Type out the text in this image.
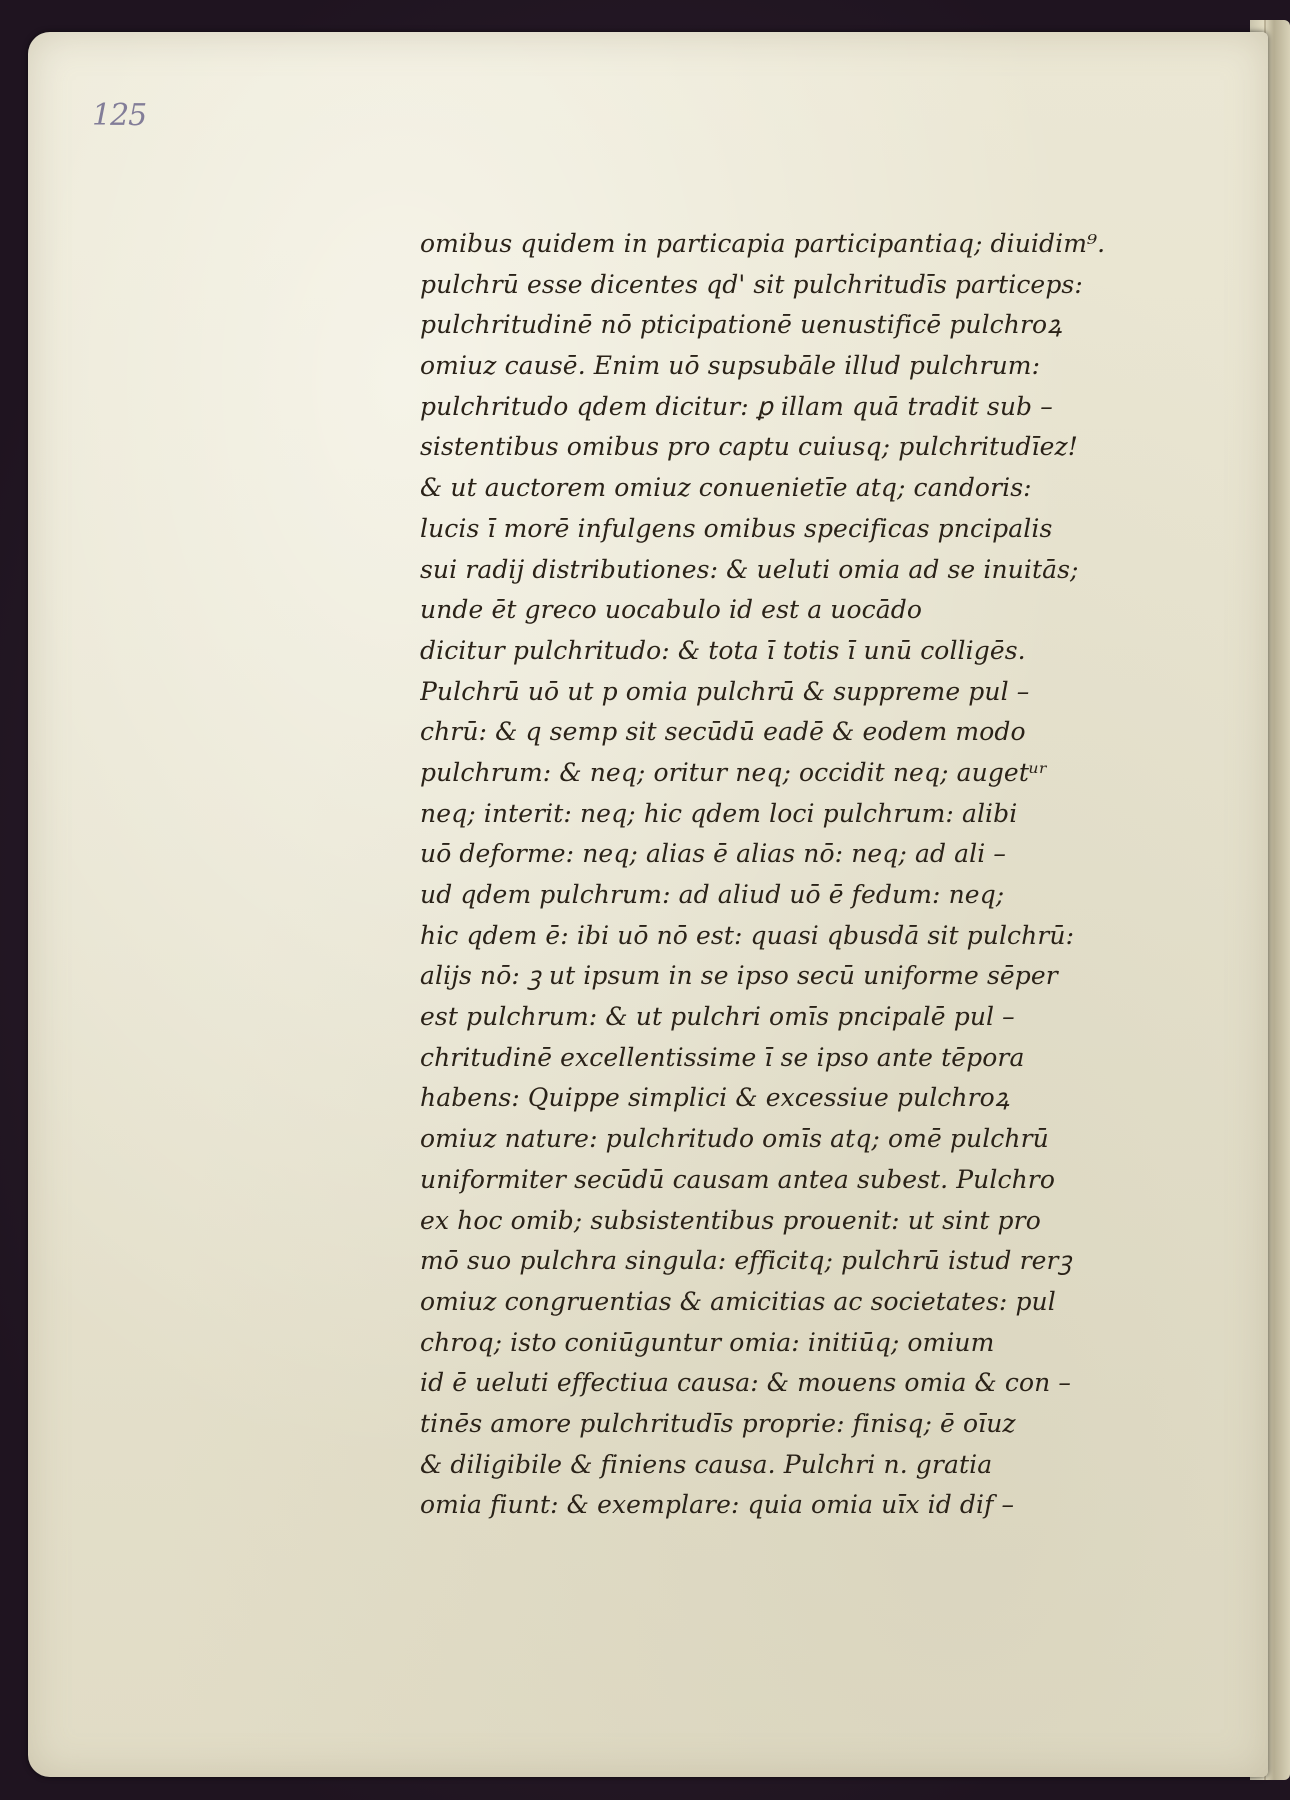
125
omibus quidem in particapia participantiaq; diuidim⁹.
pulchrū esse dicentes qd' sit pulchritudīs particeps:
pulchritudinē nō pticipationē uenustificē pulchroꝝ
omiuz causē. Enim uō supsubāle illud pulchrum:
pulchritudo qdem dicitur: ꝑ illam quā tradit sub –
sistentibus omibus pro captu cuiusq; pulchritudīez!
& ut auctorem omiuz conuenietīe atq; candoris:
lucis ī morē infulgens omibus specificas pncipalis
sui radij distributiones: & ueluti omia ad se inuitās;
unde ēt greco uocabulo id est a uocādo
dicitur pulchritudo: & tota ī totis ī unū colligēs.
Pulchrū uō ut p omia pulchrū & suppreme pul –
chrū: & q semp sit secūdū eadē & eodem modo
pulchrum: & neq; oritur neq; occidit neq; augetᵘʳ
neq; interit: neq; hic qdem loci pulchrum: alibi
uō deforme: neq; alias ē alias nō: neq; ad ali –
ud qdem pulchrum: ad aliud uō ē fedum: neq;
hic qdem ē: ibi uō nō est: quasi qbusdā sit pulchrū:
alijs nō: ꝫ ut ipsum in se ipso secū uniforme sēper
est pulchrum: & ut pulchri omīs pncipalē pul –
chritudinē excellentissime ī se ipso ante tēpora
habens: Quippe simplici & excessiue pulchroꝝ
omiuz nature: pulchritudo omīs atq; omē pulchrū
uniformiter secūdū causam antea subest. Pulchro
ex hoc omib; subsistentibus prouenit: ut sint pro
mō suo pulchra singula: efficitq; pulchrū istud rerꝫ
omiuz congruentias & amicitias ac societates: pul
chroq; isto coniūguntur omia: initiūq; omium
id ē ueluti effectiua causa: & mouens omia & con –
tinēs amore pulchritudīs proprie: finisq; ē oīuz
& diligibile & finiens causa. Pulchri n. gratia
omia fiunt: & exemplare: quia omia uīx id dif –
